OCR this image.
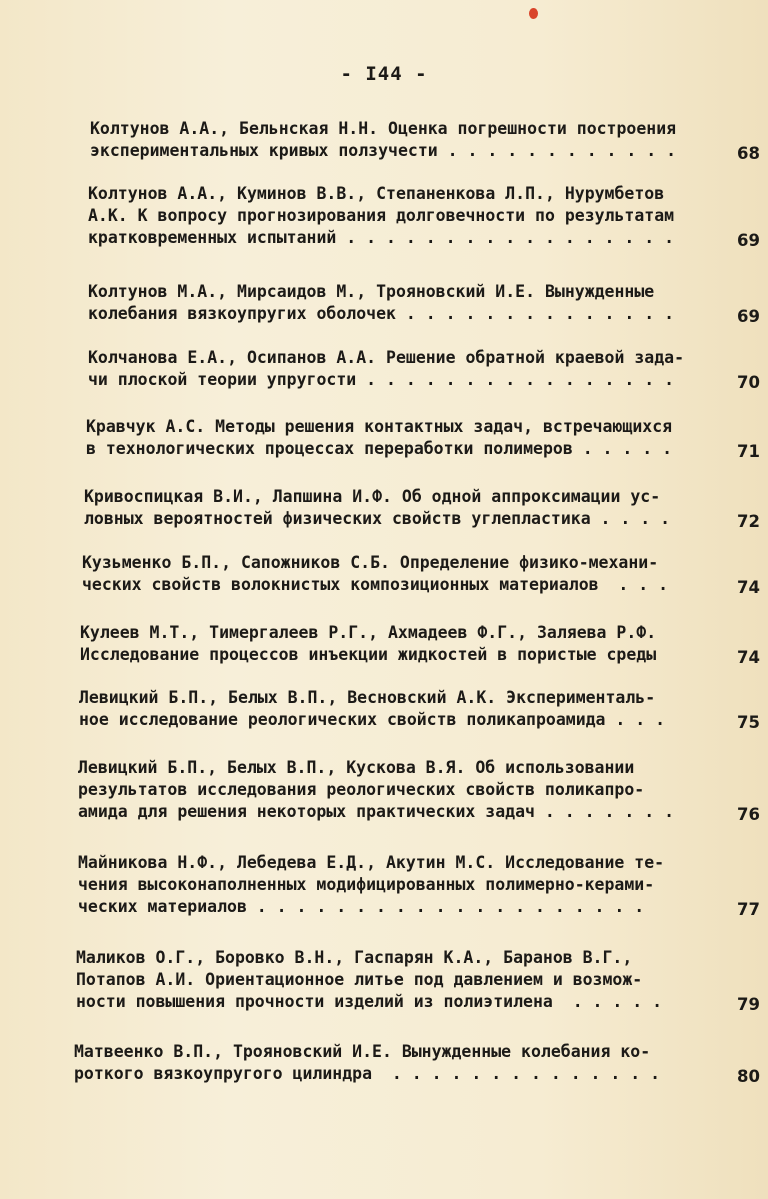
- I44 -
Колтунов А.А., Бельнская Н.Н. Оценка погрешности построения
экспериментальных кривых ползучести . . . . . . . . . . . .	68
Колтунов А.А., Куминов В.В., Степаненкова Л.П., Нурумбетов
А.К. К вопросу прогнозирования долговечности по результатам
кратковременных испытаний . . . . . . . . . . . . . . . . .	69
Колтунов М.А., Мирсаидов М., Трояновский И.Е. Вынужденные
колебания вязкоупругих оболочек . . . . . . . . . . . . . .	69
Колчанова Е.А., Осипанов А.А. Решение обратной краевой зада-
чи плоской теории упругости . . . . . . . . . . . . . . . .	70
Кравчук А.С. Методы решения контактных задач, встречающихся
в технологических процессах переработки полимеров . . . . .	71
Кривоспицкая В.И., Лапшина И.Ф. Об одной аппроксимации ус-
ловных вероятностей физических свойств углепластика . . . .	72
Кузьменко Б.П., Сапожников С.Б. Определение физико-механи-
ческих свойств волокнистых композиционных материалов  . . .	74
Кулеев М.Т., Тимергалеев Р.Г., Ахмадеев Ф.Г., Заляева Р.Ф.
Исследование процессов инъекции жидкостей в пористые среды	74
Левицкий Б.П., Белых В.П., Весновский А.К. Эксперименталь-
ное исследование реологических свойств поликапроамида . . .	75
Левицкий Б.П., Белых В.П., Кускова В.Я. Об использовании
результатов исследования реологических свойств поликапро-
амида для решения некоторых практических задач . . . . . . .	76
Майникова Н.Ф., Лебедева Е.Д., Акутин М.С. Исследование те-
чения высоконаполненных модифицированных полимерно-керами-
ческих материалов . . . . . . . . . . . . . . . . . . . .	77
Маликов О.Г., Боровко В.Н., Гаспарян К.А., Баранов В.Г.,
Потапов А.И. Ориентационное литье под давлением и возмож-
ности повышения прочности изделий из полиэтилена  . . . . .	79
Матвеенко В.П., Трояновский И.Е. Вынужденные колебания ко-
роткого вязкоупругого цилиндра  . . . . . . . . . . . . . .	80
